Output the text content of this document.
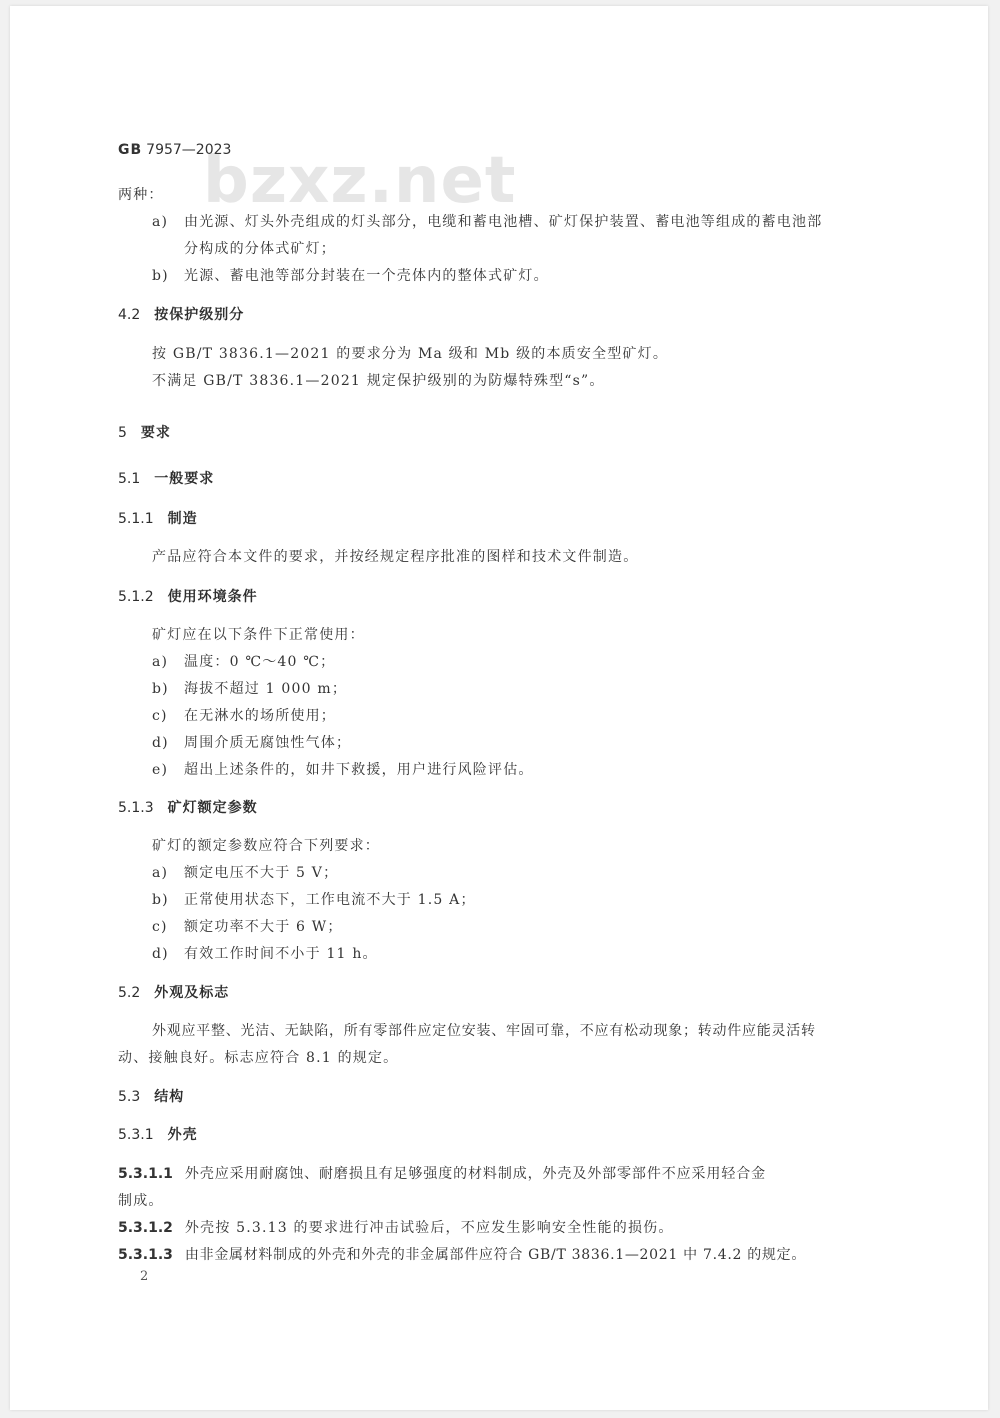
bzxz.net
GB 7957—2023
两种：
a) 由光源、灯头外壳组成的灯头部分，电缆和蓄电池槽、矿灯保护装置、蓄电池等组成的蓄电池部
分构成的分体式矿灯；
b) 光源、蓄电池等部分封装在一个壳体内的整体式矿灯。
4.2 按保护级别分
按 GB/T 3836.1—2021 的要求分为 Ma 级和 Mb 级的本质安全型矿灯。
不满足 GB/T 3836.1—2021 规定保护级别的为防爆特殊型“s”。
5 要求
5.1 一般要求
5.1.1 制造
产品应符合本文件的要求，并按经规定程序批准的图样和技术文件制造。
5.1.2 使用环境条件
矿灯应在以下条件下正常使用：
a) 温度：0 ℃～40 ℃；
b) 海拔不超过 1 000 m；
c) 在无淋水的场所使用；
d) 周围介质无腐蚀性气体；
e) 超出上述条件的，如井下救援，用户进行风险评估。
5.1.3 矿灯额定参数
矿灯的额定参数应符合下列要求：
a) 额定电压不大于 5 V；
b) 正常使用状态下，工作电流不大于 1.5 A；
c) 额定功率不大于 6 W；
d) 有效工作时间不小于 11 h。
5.2 外观及标志
外观应平整、光洁、无缺陷，所有零部件应定位安装、牢固可靠，不应有松动现象；转动件应能灵活转
动、接触良好。标志应符合 8.1 的规定。
5.3 结构
5.3.1 外壳
5.3.1.1 外壳应采用耐腐蚀、耐磨损且有足够强度的材料制成，外壳及外部零部件不应采用轻合金
制成。
5.3.1.2 外壳按 5.3.13 的要求进行冲击试验后，不应发生影响安全性能的损伤。
5.3.1.3 由非金属材料制成的外壳和外壳的非金属部件应符合 GB/T 3836.1—2021 中 7.4.2 的规定。
2
